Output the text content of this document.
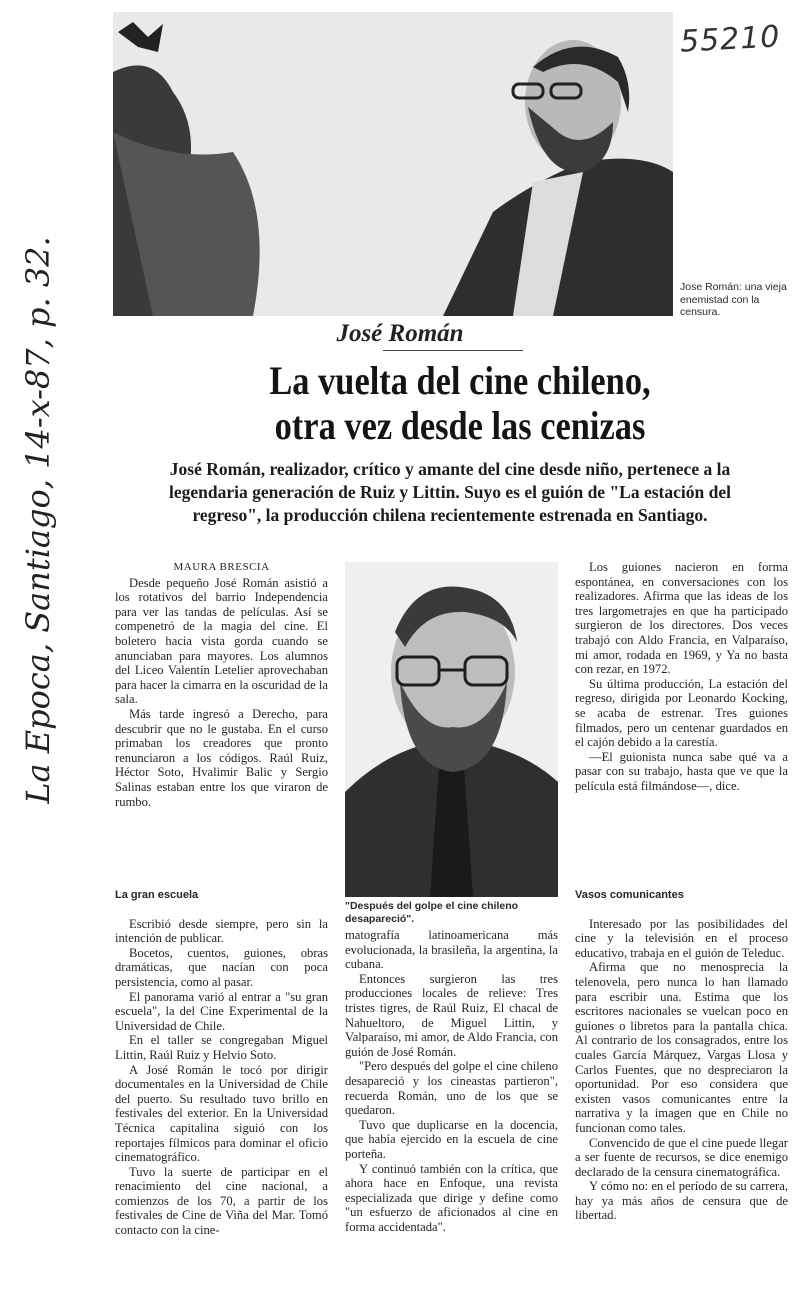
55210
La Epoca, Santiago, 14-x-87, p. 32.	Jose Román: una vieja enemistad con la censura.
José Román
La vuelta del cine chileno,
otra vez desde las cenizas
José Román, realizador, crítico y amante del cine desde niño, pertenece a la legendaria generación de Ruiz y Littin. Suyo es el guión de "La estación del regreso", la producción chilena recientemente estrenada en Santiago.

MAURA BRESCIA

Desde pequeño José Román asistió a los rotativos del barrio Independencia para ver las tandas de películas. Así se compenetró de la magia del cine. El boletero hacia vista gorda cuando se anunciaban para mayores. Los alumnos del Liceo Valentín Letelier aprovechaban para hacer la cimarra en la oscuridad de la sala.

Más tarde ingresó a Derecho, para descubrir que no le gustaba. En el curso primaban los creadores que pronto renunciaron a los códigos. Raúl Ruiz, Héctor Soto, Hvalimir Balic y Sergio Salinas estaban entre los que viraron de rumbo.

"Después del golpe el cine chileno desapareció".

La gran escuela

Escribió desde siempre, pero sin la intención de publicar.

Bocetos, cuentos, guiones, obras dramáticas, que nacían con poca persistencia, como al pasar.

El panorama varió al entrar a "su gran escuela", la del Cine Experimental de la Universidad de Chile.

En el taller se congregaban Miguel Littin, Raúl Ruiz y Helvio Soto.

A José Román le tocó por dirigir documentales en la Universidad de Chile del puerto. Su resultado tuvo brillo en festivales del exterior. En la Universidad Técnica capitalina siguió con los reportajes fílmicos para dominar el oficio cinematográfico.

Tuvo la suerte de participar en el renacimiento del cine nacional, a comienzos de los 70, a partir de los festivales de Cine de Viña del Mar. Tomó contacto con la cine-

matografía latinoamericana más evolucionada, la brasileña, la argentina, la cubana.

Entonces surgieron las tres producciones locales de relieve: Tres tristes tigres, de Raúl Ruiz, El chacal de Nahueltoro, de Miguel Littin, y Valparaíso, mi amor, de Aldo Francia, con guión de José Román.

"Pero después del golpe el cine chileno desapareció y los cineastas partieron", recuerda Román, uno de los que se quedaron.

Tuvo que duplicarse en la docencia, que había ejercido en la escuela de cine porteña.

Y continuó también con la crítica, que ahora hace en Enfoque, una revista especializada que dirige y define como "un esfuerzo de aficionados al cine en forma accidentada".

Los guiones nacieron en forma espontánea, en conversaciones con los realizadores. Afirma que las ideas de los tres largometrajes en que ha participado surgieron de los directores. Dos veces trabajó con Aldo Francia, en Valparaíso, mi amor, rodada en 1969, y Ya no basta con rezar, en 1972.

Su última producción, La estación del regreso, dirigida por Leonardo Kocking, se acaba de estrenar. Tres guiones filmados, pero un centenar guardados en el cajón debido a la carestía.

—El guionista nunca sabe qué va a pasar con su trabajo, hasta que ve que la película está filmándose—, dice.

Vasos comunicantes

Interesado por las posibilidades del cine y la televisión en el proceso educativo, trabaja en el guión de Teleduc.

Afirma que no menosprecia la telenovela, pero nunca lo han llamado para escribir una. Estima que los escritores nacionales se vuelcan poco en guiones o libretos para la pantalla chica. Al contrario de los consagrados, entre los cuales García Márquez, Vargas Llosa y Carlos Fuentes, que no despreciaron la oportunidad. Por eso considera que existen vasos comunicantes entre la narrativa y la imagen que en Chile no funcionan como tales.

Convencido de que el cine puede llegar a ser fuente de recursos, se dice enemigo declarado de la censura cinematográfica.

Y cómo no: en el período de su carrera, hay ya más años de censura que de libertad.
